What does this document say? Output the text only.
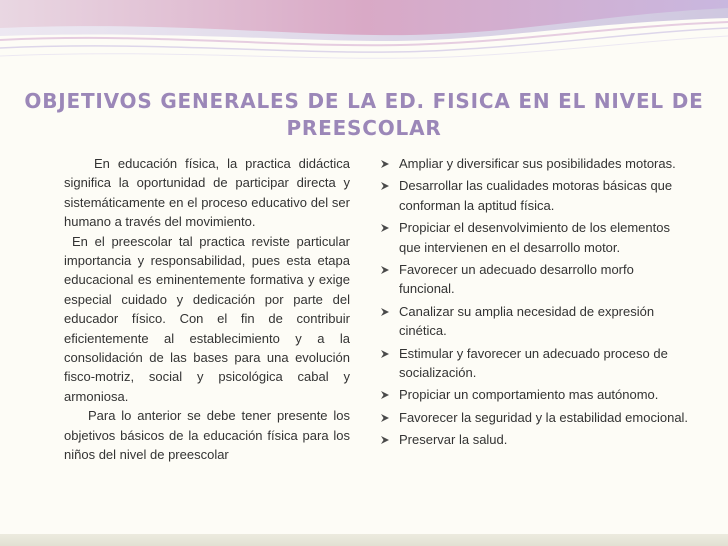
OBJETIVOS GENERALES DE LA ED. FISICA EN EL NIVEL DE PREESCOLAR

En educación física, la practica didáctica significa la oportunidad de participar directa y sistemáticamente en el proceso educativo del ser humano a través del movimiento.

En el preescolar tal practica reviste particular importancia y responsabilidad, pues esta etapa educacional es eminentemente formativa y exige especial cuidado y dedicación por parte del educador físico. Con el fin de contribuir eficientemente al establecimiento y a la consolidación de las bases para una evolución fisco-motriz, social y psicológica cabal y armoniosa.

Para lo anterior se debe tener presente los objetivos básicos de la educación física para los niños del nivel de preescolar

Ampliar y diversificar sus posibilidades motoras.
Desarrollar las cualidades motoras básicas que conforman la aptitud física.
Propiciar el desenvolvimiento de los elementos que intervienen en el desarrollo motor.
Favorecer un adecuado desarrollo morfo funcional.
Canalizar su amplia necesidad de expresión cinética.
Estimular y favorecer un adecuado proceso de socialización.
Propiciar un comportamiento mas autónomo.
Favorecer la seguridad y la estabilidad emocional.
Preservar la salud.
